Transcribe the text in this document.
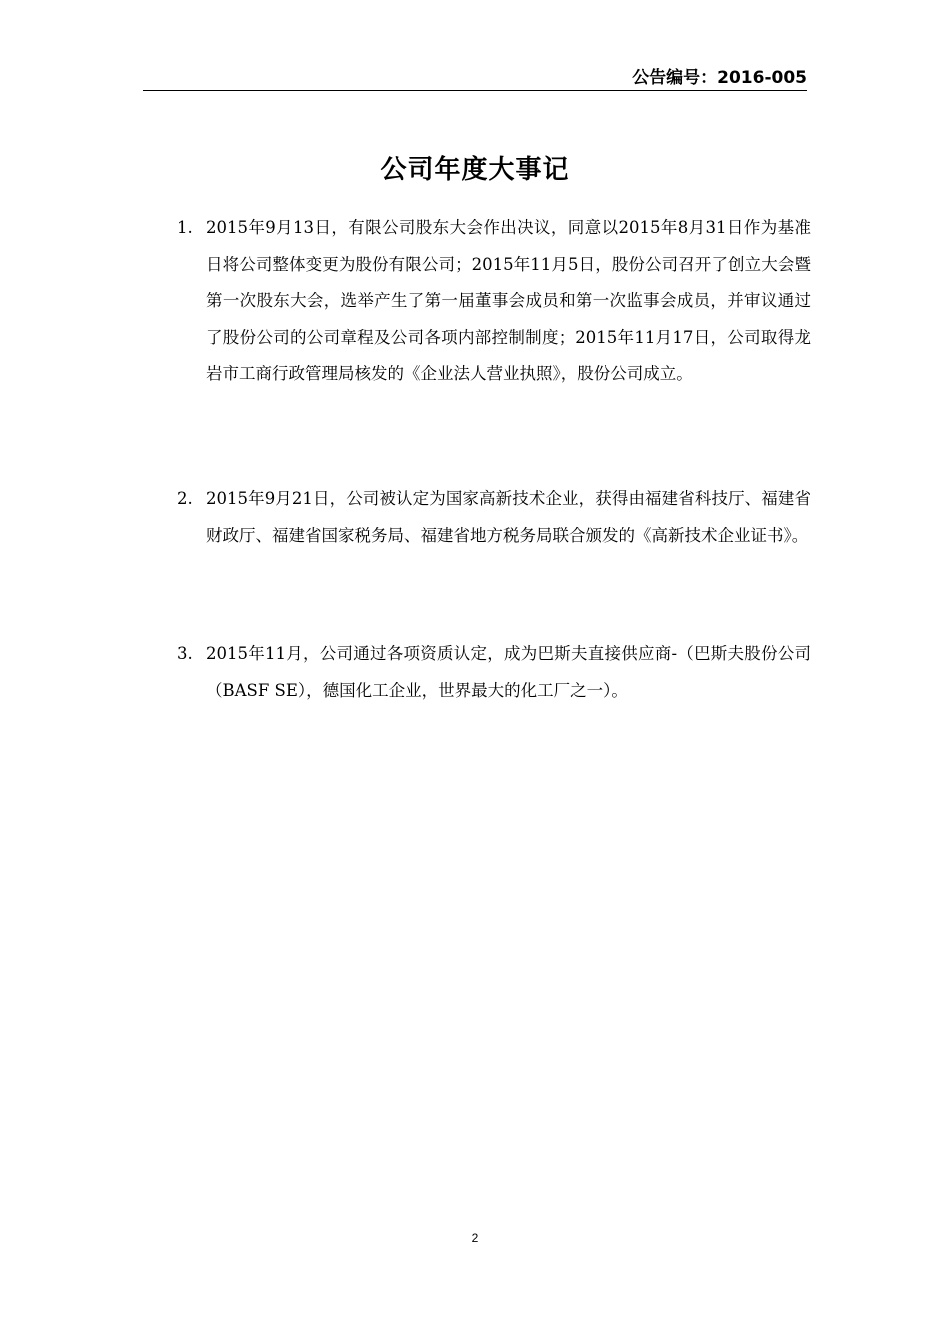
公告编号：2016-005
公司年度大事记
1. 2015年9月13日，有限公司股东大会作出决议，同意以2015年8月31日作为基准日将公司整体变更为股份有限公司；2015年11月5日，股份公司召开了创立大会暨第一次股东大会，选举产生了第一届董事会成员和第一次监事会成员，并审议通过了股份公司的公司章程及公司各项内部控制制度；2015年11月17日，公司取得龙岩市工商行政管理局核发的《企业法人营业执照》，股份公司成立。
2. 2015年9月21日，公司被认定为国家高新技术企业，获得由福建省科技厅、福建省财政厅、福建省国家税务局、福建省地方税务局联合颁发的《高新技术企业证书》。
3. 2015年11月，公司通过各项资质认定，成为巴斯夫直接供应商-（巴斯夫股份公司（BASF SE），德国化工企业，世界最大的化工厂之一）。
2
